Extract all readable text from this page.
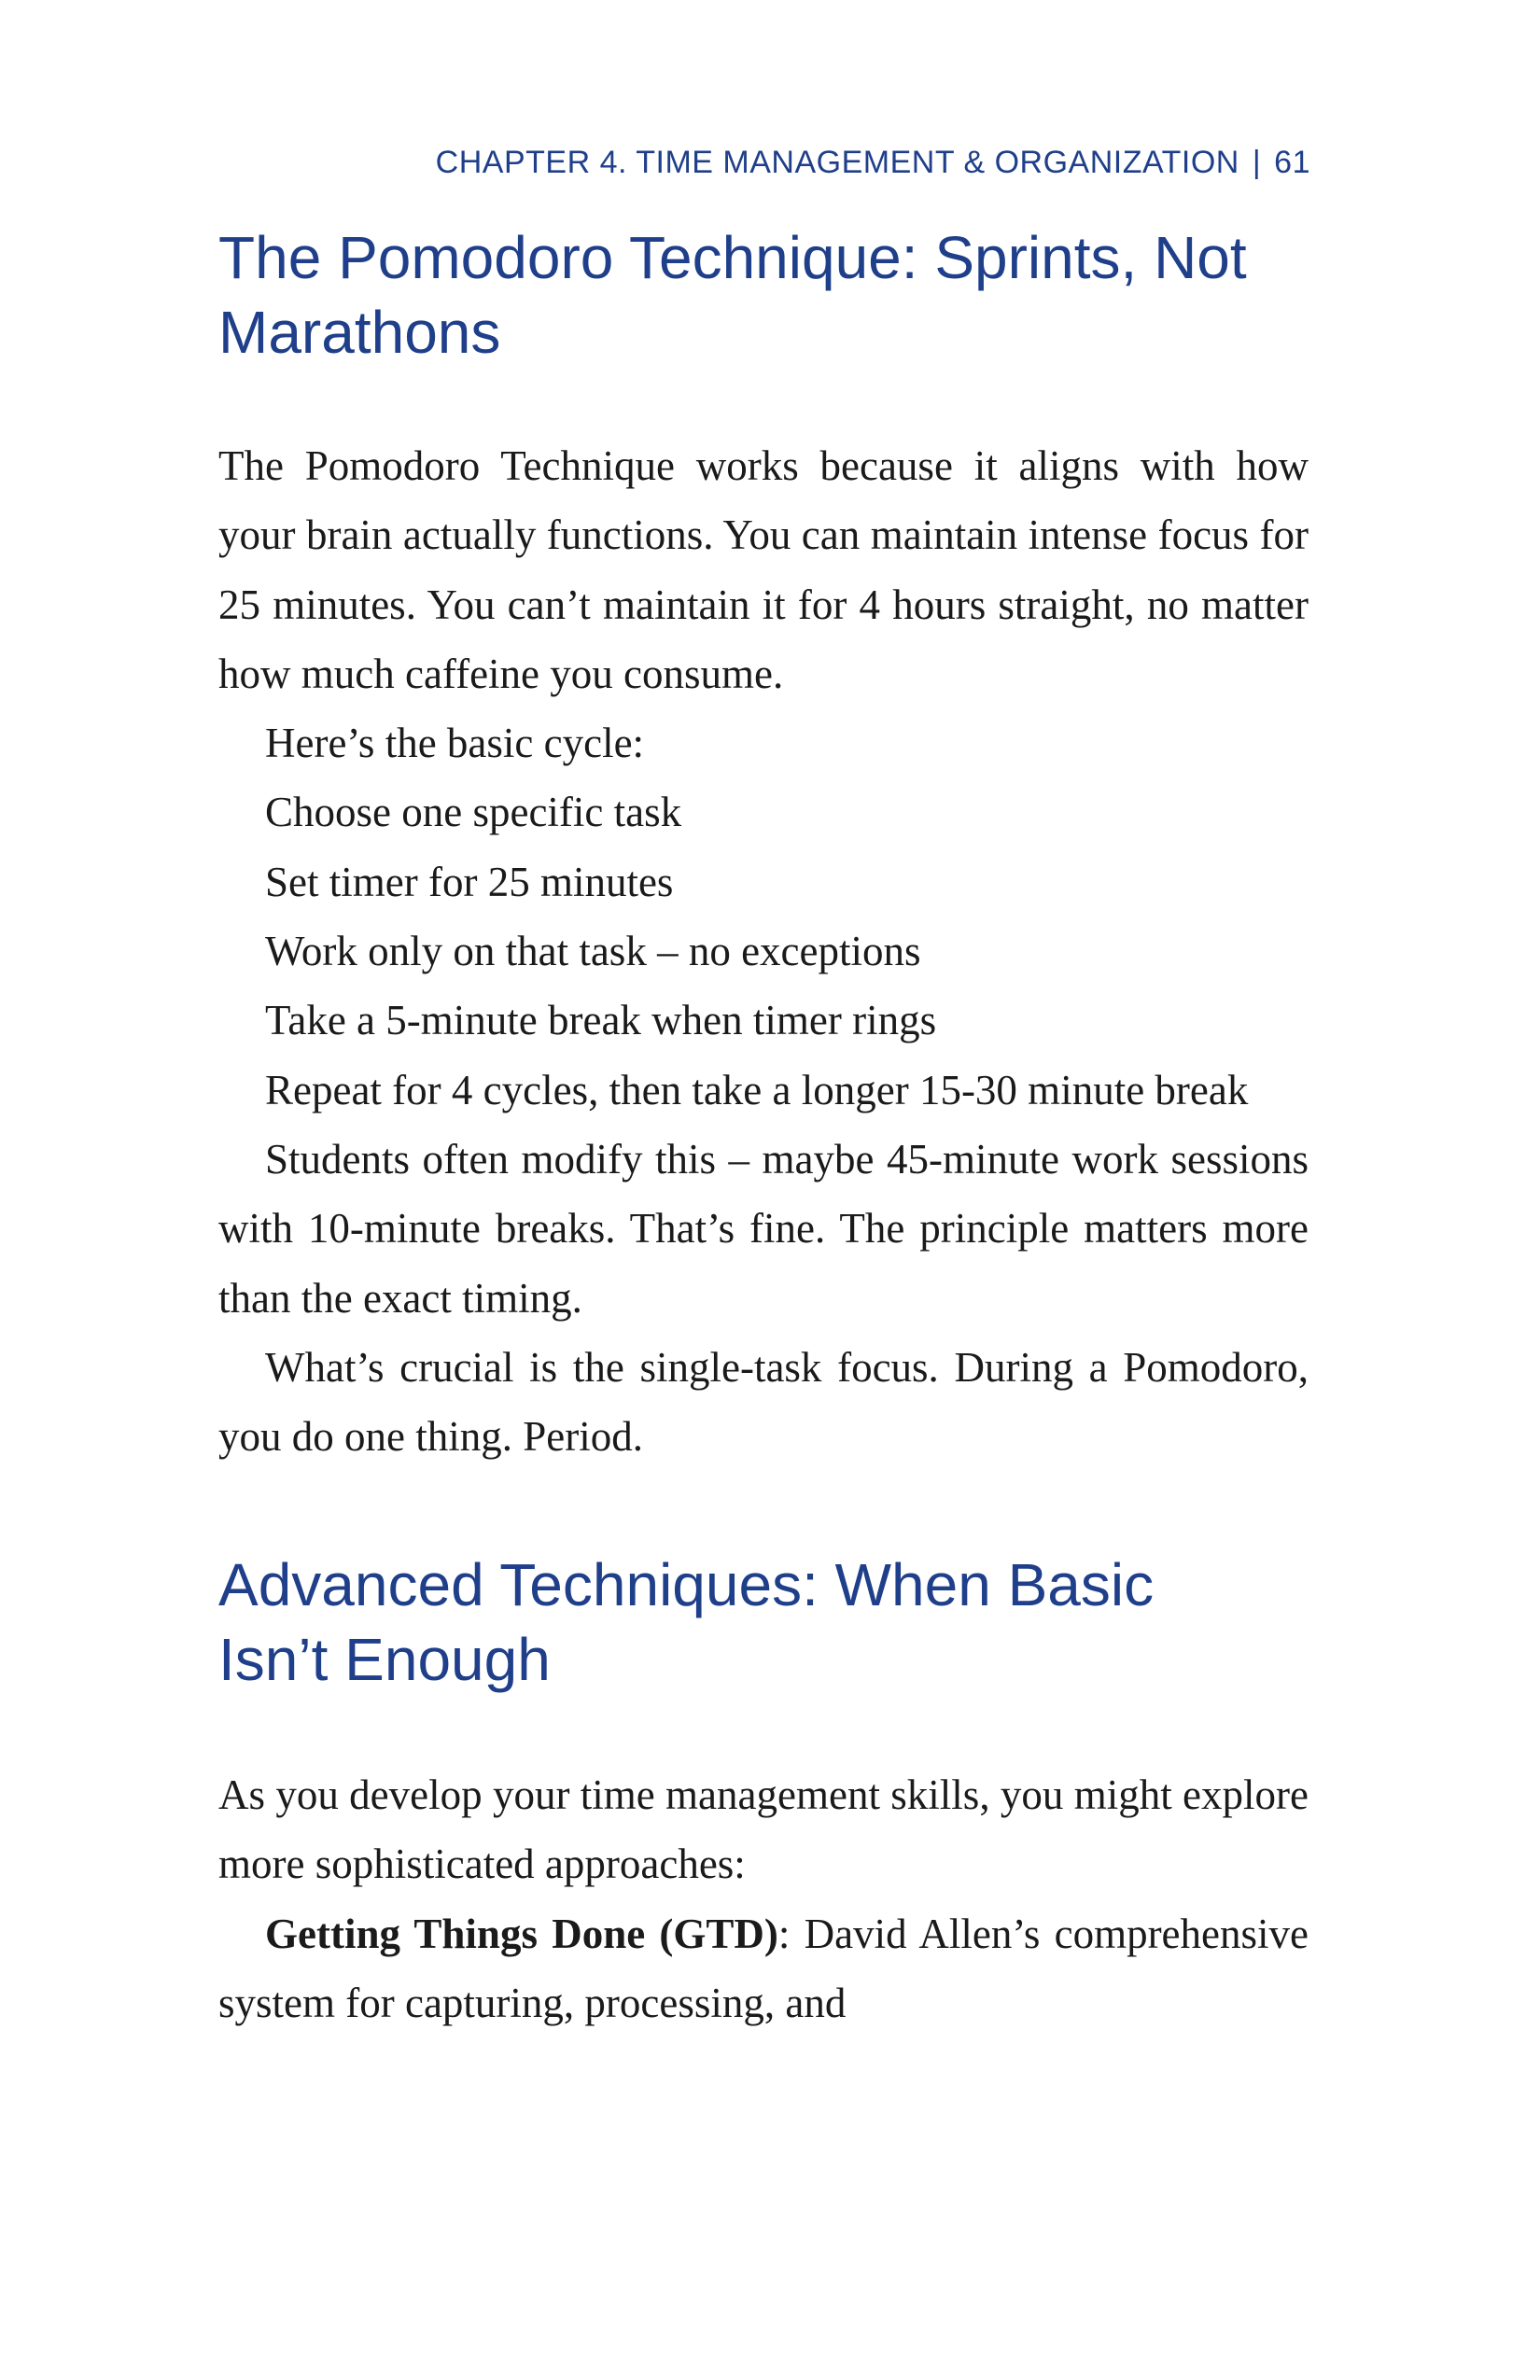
CHAPTER 4. TIME MANAGEMENT & ORGANIZATION | 61
The Pomodoro Technique: Sprints, Not
Marathons

The Pomodoro Technique works because it aligns with how your brain actually functions. You can maintain intense focus for 25 minutes. You can’t maintain it for 4 hours straight, no matter how much caffeine you consume.

Here’s the basic cycle:
Choose one specific task
Set timer for 25 minutes
Work only on that task – no exceptions
Take a 5-minute break when timer rings
Repeat for 4 cycles, then take a longer 15-30 minute break

Students often modify this – maybe 45-minute work sessions with 10-minute breaks. That’s fine. The principle matters more than the exact timing.

What’s crucial is the single-task focus. During a Pomodoro, you do one thing. Period.

Advanced Techniques: When Basic
Isn’t Enough

As you develop your time management skills, you might explore more sophisticated approaches:

Getting Things Done (GTD): David Allen’s comprehensive system for capturing, processing, and
